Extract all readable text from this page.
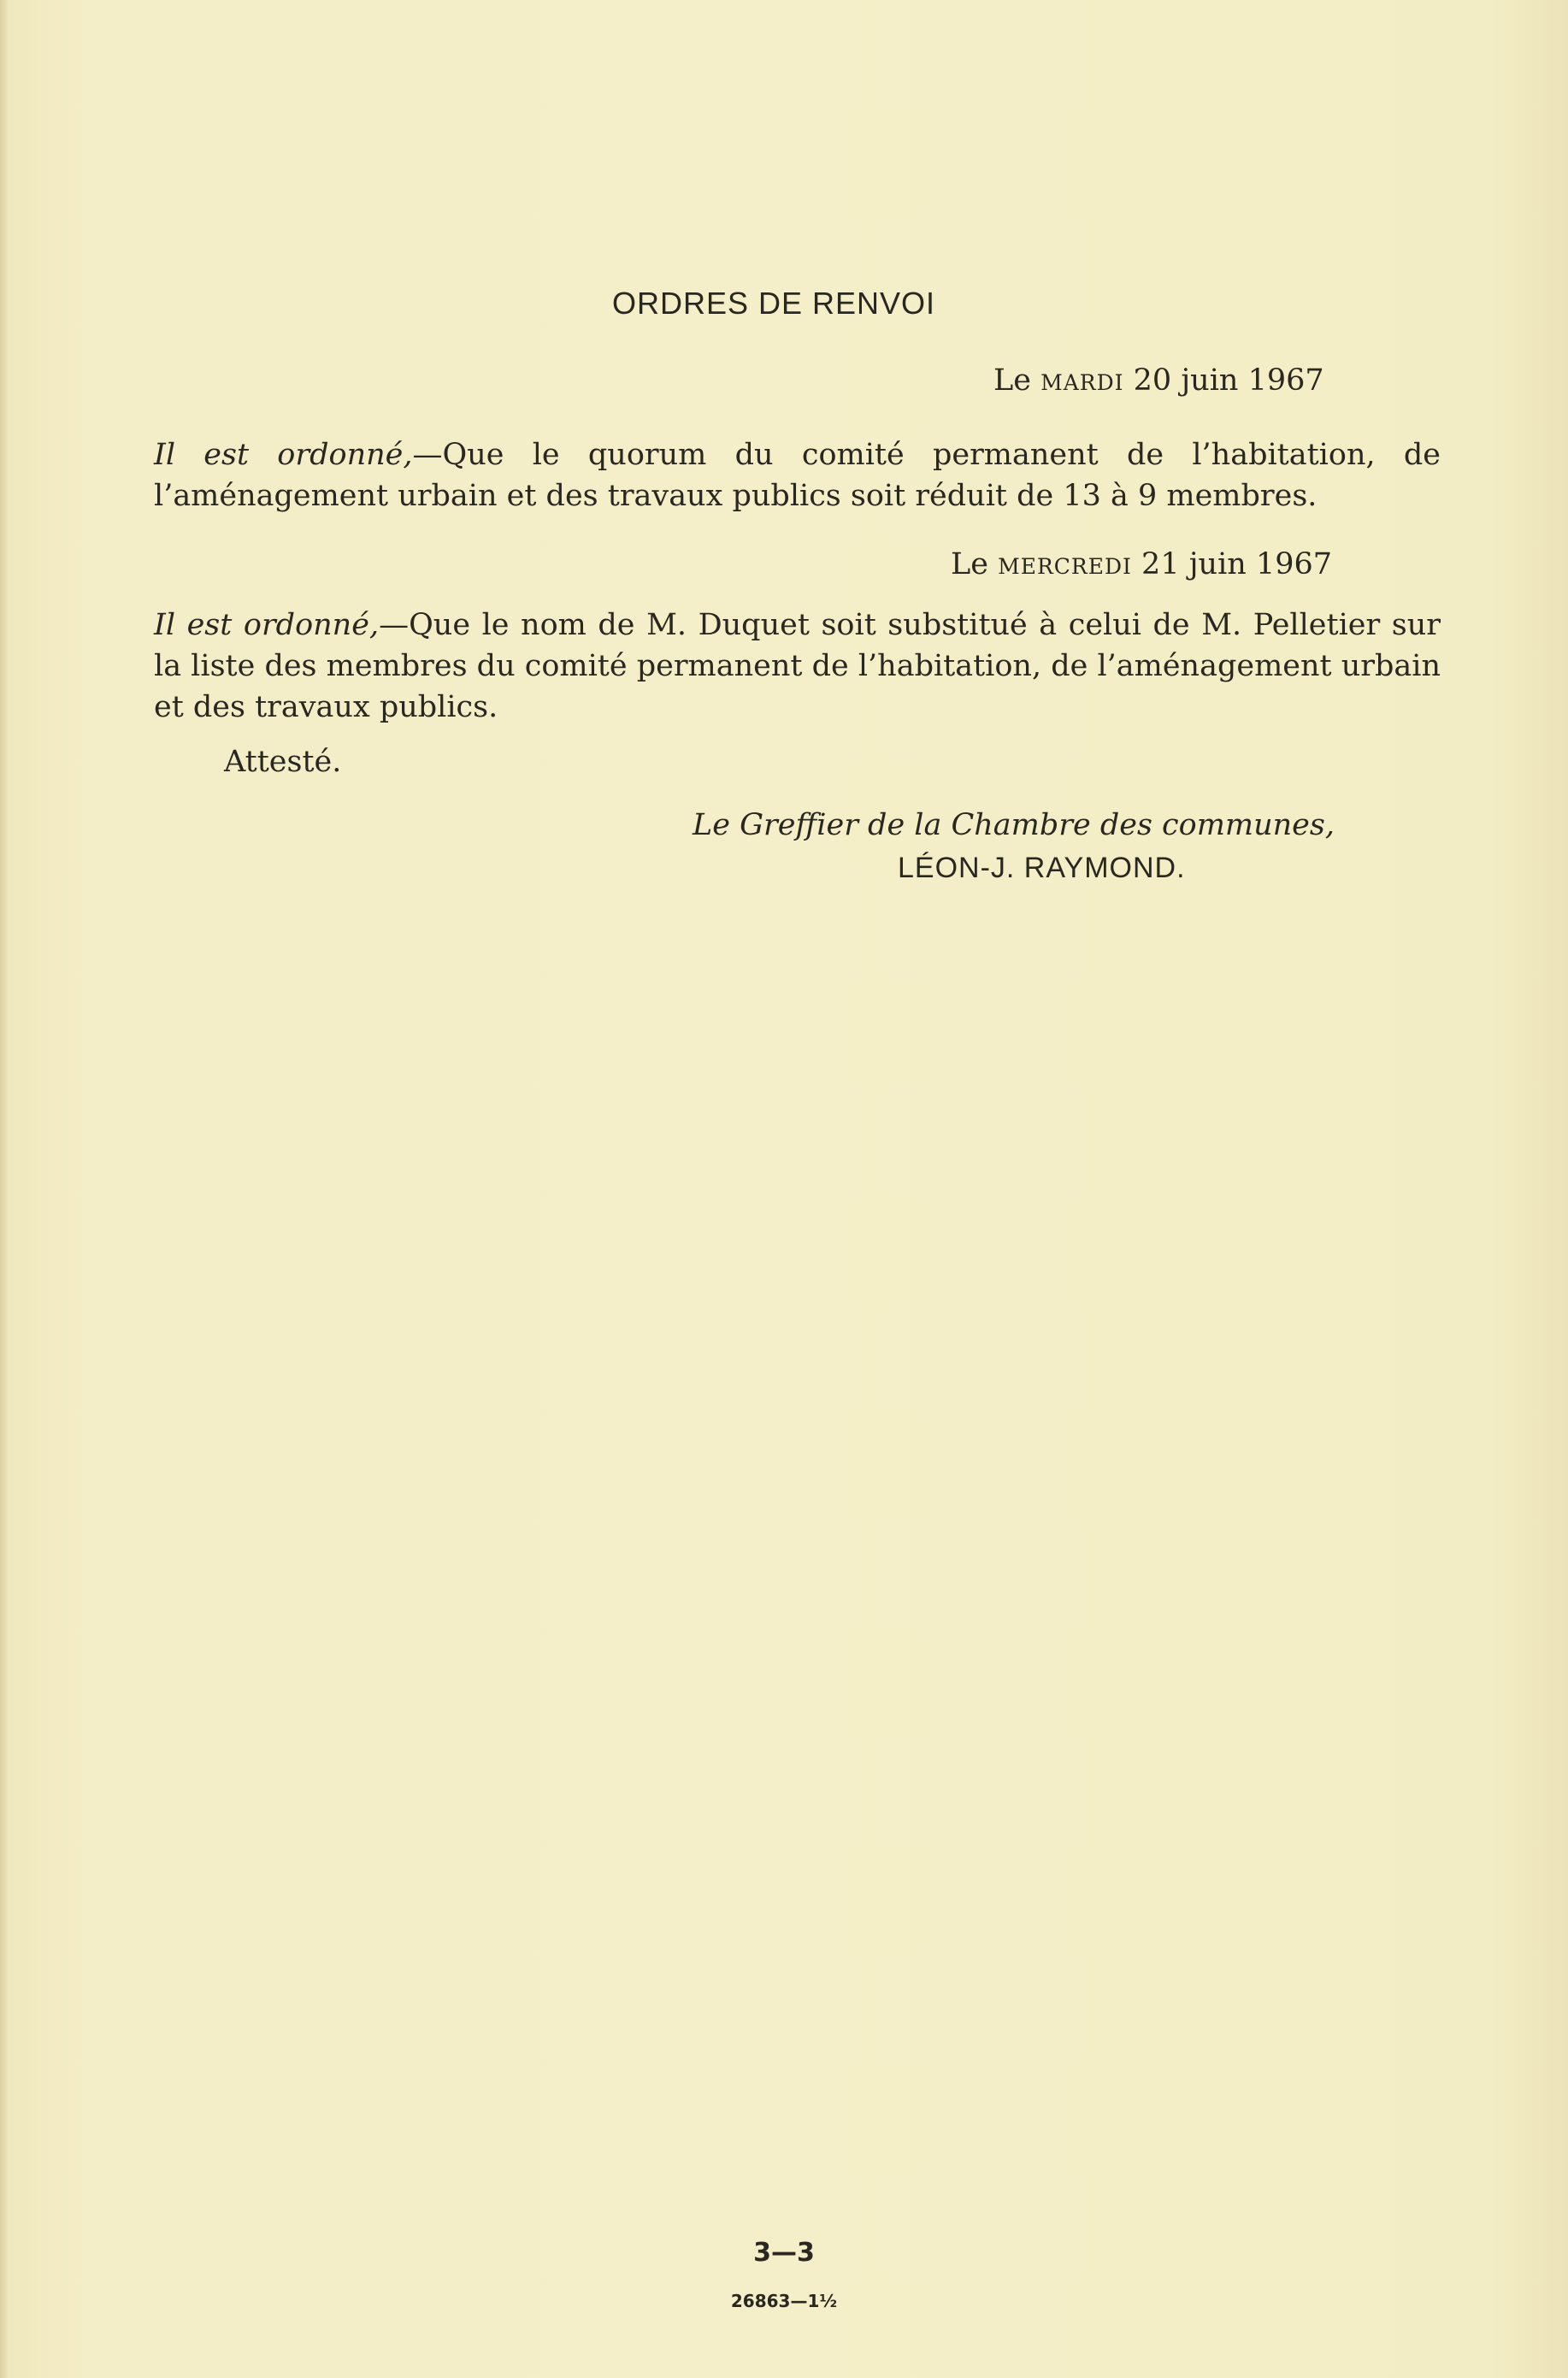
ORDRES DE RENVOI
Le MARDI 20 juin 1967
Il est ordonné,—Que le quorum du comité permanent de l’habitation, de l’aménagement urbain et des travaux publics soit réduit de 13 à 9 membres.
Le MERCREDI 21 juin 1967
Il est ordonné,—Que le nom de M. Duquet soit substitué à celui de M. Pelletier sur la liste des membres du comité permanent de l’habitation, de l’aménagement urbain et des travaux publics.
Attesté.
Le Greffier de la Chambre des communes,
LÉON-J. RAYMOND.
3—3
26863—1½
